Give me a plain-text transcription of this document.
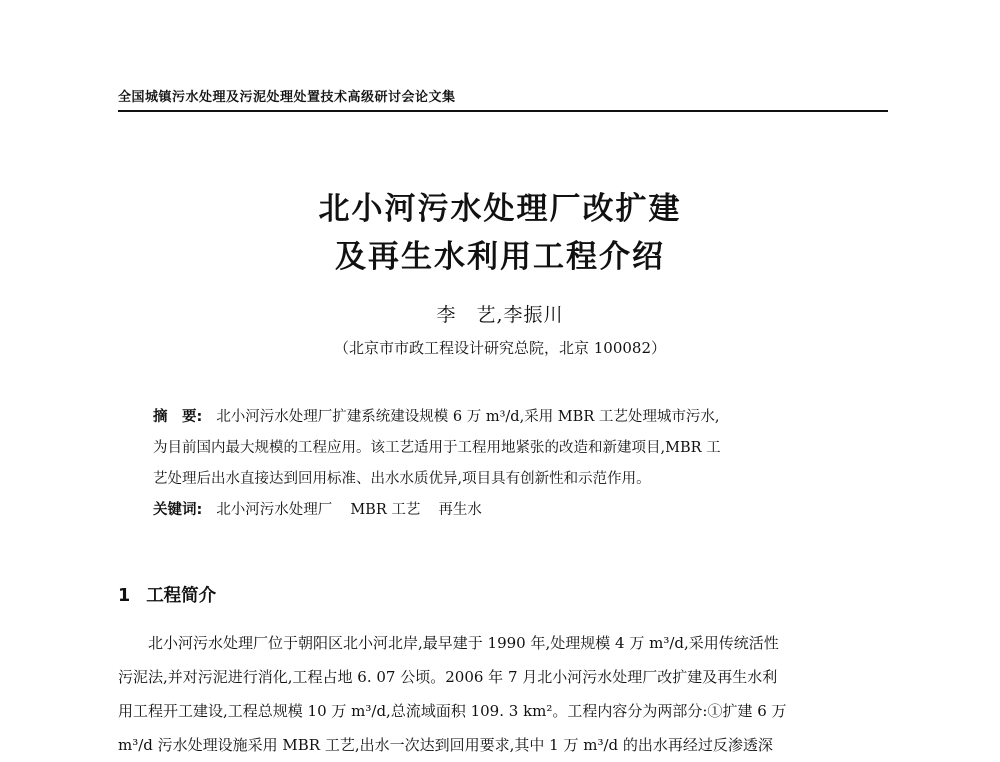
全国城镇污水处理及污泥处理处置技术高级研讨会论文集
北小河污水处理厂改扩建
及再生水利用工程介绍
李　艺,李振川
（北京市市政工程设计研究总院，北京 100082）
摘　要: 北小河污水处理厂扩建系统建设规模 6 万 m³/d,采用 MBR 工艺处理城市污水,
为目前国内最大规模的工程应用。该工艺适用于工程用地紧张的改造和新建项目,MBR 工
艺处理后出水直接达到回用标准、出水水质优异,项目具有创新性和示范作用。
关键词: 北小河污水处理厂 MBR 工艺 再生水
1 工程简介
北小河污水处理厂位于朝阳区北小河北岸,最早建于 1990 年,处理规模 4 万 m³/d,采用传统活性
污泥法,并对污泥进行消化,工程占地 6. 07 公顷。2006 年 7 月北小河污水处理厂改扩建及再生水利
用工程开工建设,工程总规模 10 万 m³/d,总流域面积 109. 3 km²。工程内容分为两部分:①扩建 6 万
m³/d 污水处理设施采用 MBR 工艺,出水一次达到回用要求,其中 1 万 m³/d 的出水再经过反渗透深
